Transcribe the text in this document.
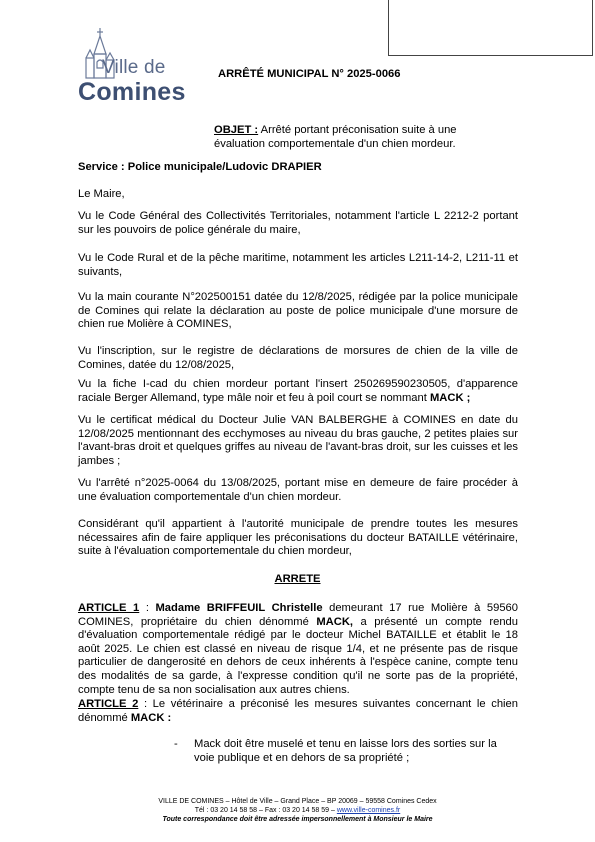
Ville de
Comines
ARRÊTÉ MUNICIPAL N° 2025-0066
OBJET : Arrêté portant préconisation suite à une
évaluation comportementale d'un chien mordeur.

Service : Police municipale/Ludovic DRAPIER

Le Maire,

Vu le Code Général des Collectivités Territoriales, notamment l'article L 2212-2 portant sur les pouvoirs de police générale du maire,

Vu le Code Rural et de la pêche maritime, notamment les articles L211-14-2, L211-11 et suivants,

Vu la main courante N°202500151 datée du 12/8/2025, rédigée par la police municipale de Comines qui relate la déclaration au poste de police municipale d'une morsure de chien rue Molière à COMINES,

Vu l'inscription, sur le registre de déclarations de morsures de chien de la ville de Comines, datée du 12/08/2025,

Vu la fiche I-cad du chien mordeur portant l'insert 250269590230505, d'apparence raciale Berger Allemand, type mâle noir et feu à poil court se nommant MACK ;

Vu le certificat médical du Docteur Julie VAN BALBERGHE à COMINES en date du 12/08/2025 mentionnant des ecchymoses au niveau du bras gauche, 2 petites plaies sur l'avant-bras droit et quelques griffes au niveau de l'avant-bras droit, sur les cuisses et les jambes ;

Vu l'arrêté n°2025-0064 du 13/08/2025, portant mise en demeure de faire procéder à une évaluation comportementale d'un chien mordeur.

Considérant qu'il appartient à l'autorité municipale de prendre toutes les mesures nécessaires afin de faire appliquer les préconisations du docteur BATAILLE vétérinaire, suite à l'évaluation comportementale du chien mordeur,

ARRETE

ARTICLE 1 : Madame BRIFFEUIL Christelle demeurant 17 rue Molière à 59560 COMINES, propriétaire du chien dénommé MACK, a présenté un compte rendu d'évaluation comportementale rédigé par le docteur Michel BATAILLE et établit le 18 août 2025. Le chien est classé en niveau de risque 1/4, et ne présente pas de risque particulier de dangerosité en dehors de ceux inhérents à l'espèce canine, compte tenu des modalités de sa garde, à l'expresse condition qu'il ne sorte pas de la propriété, compte tenu de sa non socialisation aux autres chiens.

ARTICLE 2 : Le vétérinaire a préconisé les mesures suivantes concernant le chien dénommé MACK :

- Mack doit être muselé et tenu en laisse lors des sorties sur la voie publique et en dehors de sa propriété ;
VILLE DE COMINES – Hôtel de Ville – Grand Place – BP 20069 – 59558 Comines Cedex
Tél : 03 20 14 58 58 – Fax : 03 20 14 58 59 – www.ville-comines.fr
Toute correspondance doit être adressée impersonnellement à Monsieur le Maire
